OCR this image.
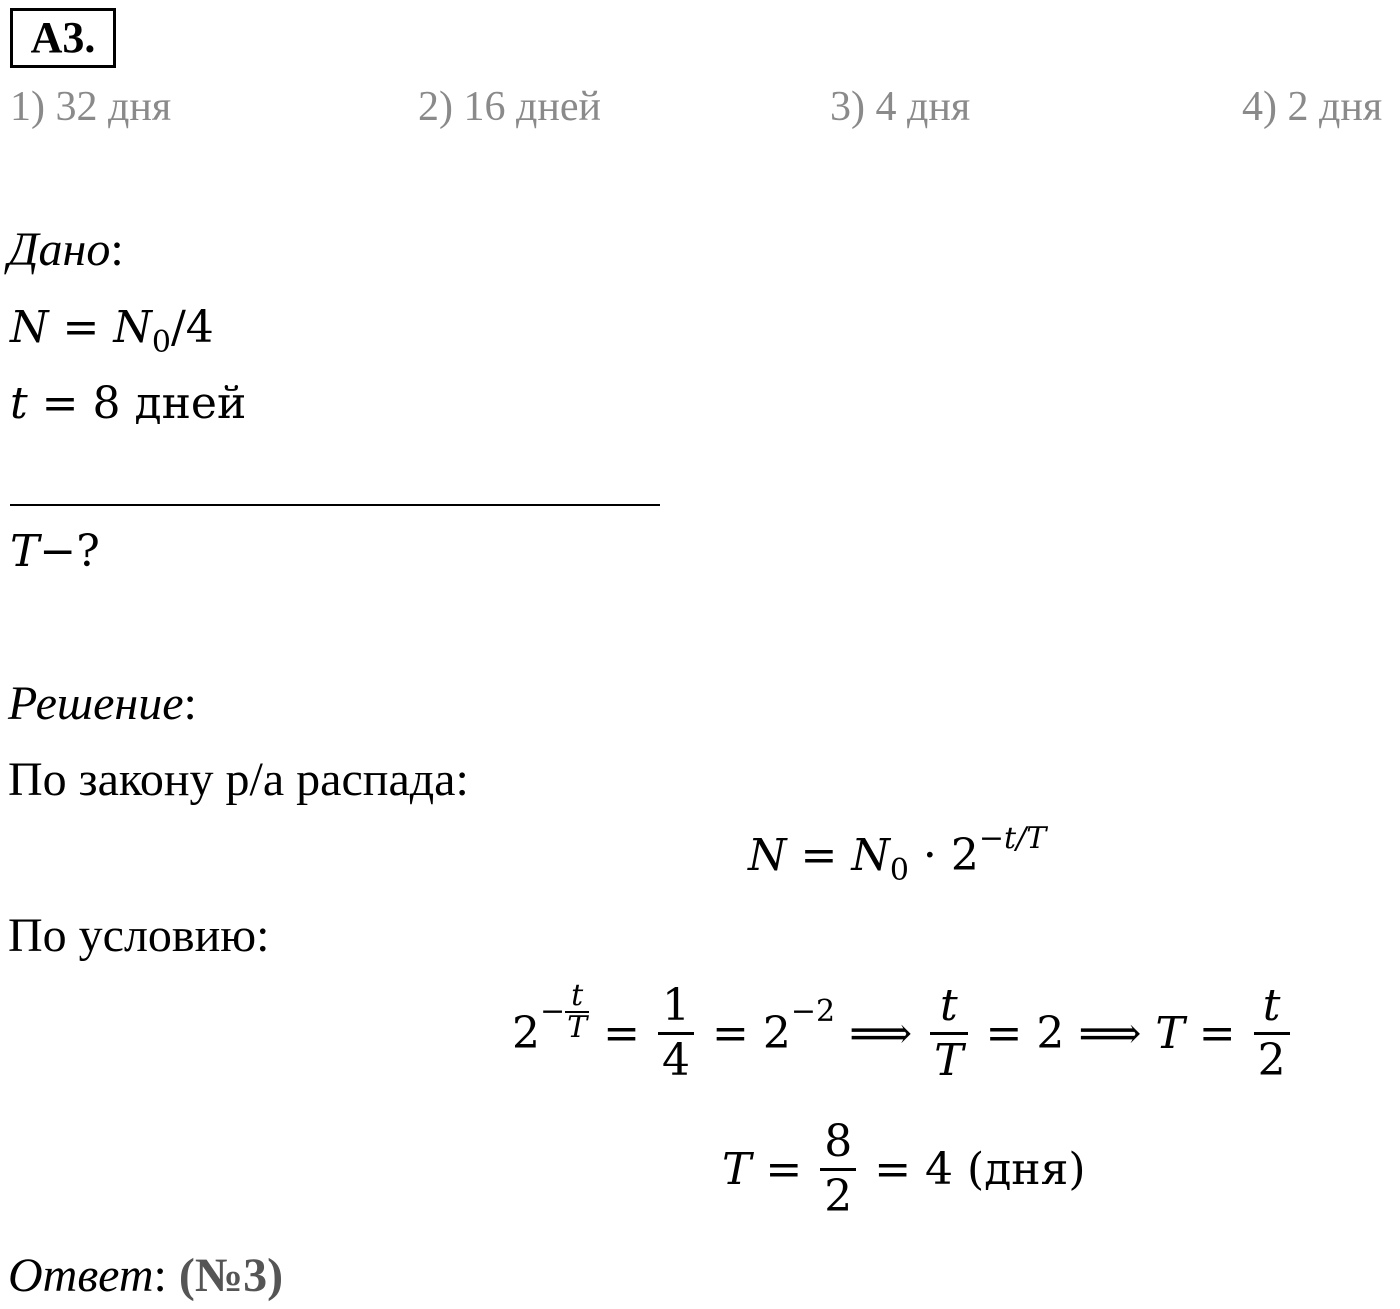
А3.
1) 32 дня	2) 16 дней	3) 4 дня	4) 2 дня
Дано:
$N = N_0/4$
t = 8 дней
T−?
Решение:
По закону р/а распада:
$N = N_0 \cdot 2^{-t/T}$
По условию:
$2 - \frac{t}{T} = \frac{1}{4} = 2 -2$ ⟹ $\frac{t}{T} = 2$ ⟹ $T = \frac{t}{2}$
$T = \frac{8}{2} = 4$ (дня)
Ответ: (№3)
